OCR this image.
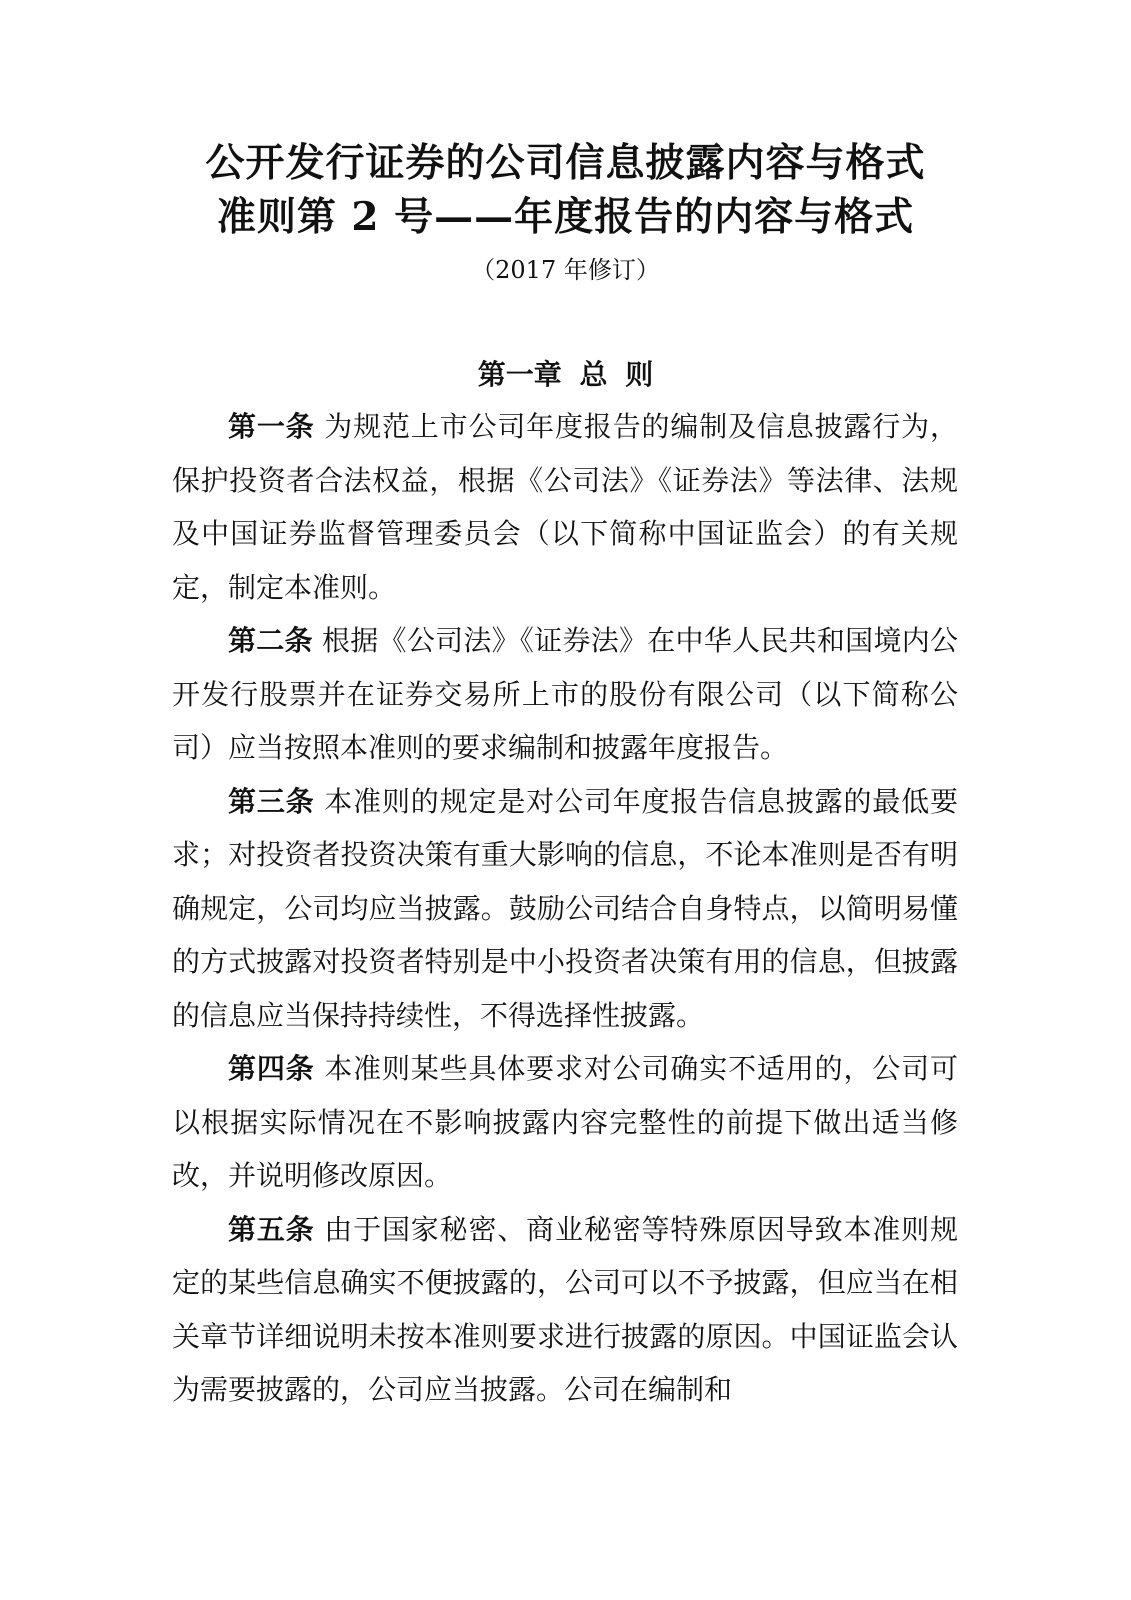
公开发行证券的公司信息披露内容与格式
准则第 2 号——年度报告的内容与格式
（2017 年修订）
第一章 总 则

第一条 为规范上市公司年度报告的编制及信息披露行为，保护投资者合法权益，根据《公司法》《证券法》等法律、法规及中国证券监督管理委员会（以下简称中国证监会）的有关规定，制定本准则。

第二条 根据《公司法》《证券法》在中华人民共和国境内公开发行股票并在证券交易所上市的股份有限公司（以下简称公司）应当按照本准则的要求编制和披露年度报告。

第三条 本准则的规定是对公司年度报告信息披露的最低要求；对投资者投资决策有重大影响的信息，不论本准则是否有明确规定，公司均应当披露。鼓励公司结合自身特点，以简明易懂的方式披露对投资者特别是中小投资者决策有用的信息，但披露的信息应当保持持续性，不得选择性披露。

第四条 本准则某些具体要求对公司确实不适用的，公司可以根据实际情况在不影响披露内容完整性的前提下做出适当修改，并说明修改原因。

第五条 由于国家秘密、商业秘密等特殊原因导致本准则规定的某些信息确实不便披露的，公司可以不予披露，但应当在相关章节详细说明未按本准则要求进行披露的原因。中国证监会认为需要披露的，公司应当披露。公司在编制和
